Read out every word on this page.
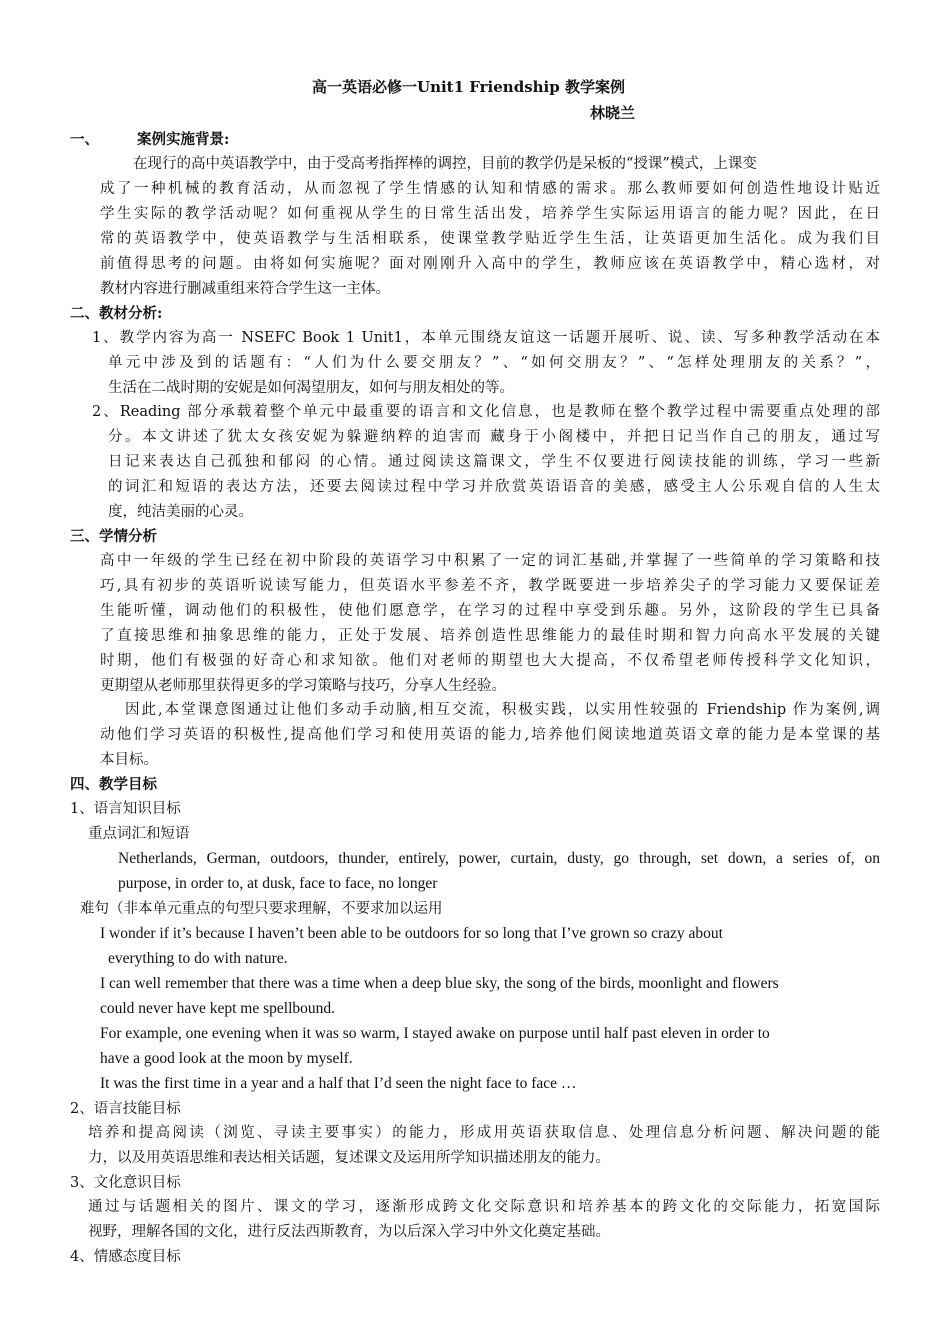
高一英语必修一Unit1 Friendship 教学案例
林晓兰
一、	案例实施背景:
在现行的高中英语教学中，由于受高考指挥棒的调控，目前的教学仍是呆板的“授课”模式，上课变
成了一种机械的教育活动，从而忽视了学生情感的认知和情感的需求。那么教师要如何创造性地设计贴近
学生实际的教学活动呢？如何重视从学生的日常生活出发，培养学生实际运用语言的能力呢？因此，在日
常的英语教学中，使英语教学与生活相联系，使课堂教学贴近学生生活，让英语更加生活化。成为我们目
前值得思考的问题。由将如何实施呢？面对刚刚升入高中的学生，教师应该在英语教学中，精心选材，对
教材内容进行删减重组来符合学生这一主体。
二、教材分析:
1、教学内容为高一 NSEFC Book 1 Unit1，本单元围绕友谊这一话题开展听、说、读、写多种教学活动在本
单元中涉及到的话题有：“人们为什么要交朋友？”、“如何交朋友？”、“怎样处理朋友的关系？”，
生活在二战时期的安妮是如何渴望朋友，如何与朋友相处的等。
2、Reading 部分承载着整个单元中最重要的语言和文化信息，也是教师在整个教学过程中需要重点处理的部
分。本文讲述了犹太女孩安妮为躲避纳粹的迫害而 藏身于小阁楼中，并把日记当作自己的朋友，通过写
日记来表达自己孤独和郁闷 的心情。通过阅读这篇课文，学生不仅要进行阅读技能的训练，学习一些新
的词汇和短语的表达方法，还要去阅读过程中学习并欣赏英语语音的美感，感受主人公乐观自信的人生太
度，纯洁美丽的心灵。
三、学情分析
高中一年级的学生已经在初中阶段的英语学习中积累了一定的词汇基础,并掌握了一些简单的学习策略和技
巧,具有初步的英语听说读写能力，但英语水平参差不齐，教学既要进一步培养尖子的学习能力又要保证差
生能听懂，调动他们的积极性，使他们愿意学，在学习的过程中享受到乐趣。另外，这阶段的学生已具备
了直接思维和抽象思维的能力，正处于发展、培养创造性思维能力的最佳时期和智力向高水平发展的关键
时期，他们有极强的好奇心和求知欲。他们对老师的期望也大大提高，不仅希望老师传授科学文化知识，
更期望从老师那里获得更多的学习策略与技巧，分享人生经验。
因此,本堂课意图通过让他们多动手动脑,相互交流，积极实践，以实用性较强的 Friendship 作为案例,调
动他们学习英语的积极性,提高他们学习和使用英语的能力,培养他们阅读地道英语文章的能力是本堂课的基
本目标。
四、教学目标
1、语言知识目标
重点词汇和短语
Netherlands, German, outdoors, thunder, entirely, power, curtain, dusty, go through, set down, a series of, on
purpose, in order to, at dusk, face to face, no longer
难句（非本单元重点的句型只要求理解，不要求加以运用
I wonder if it’s because I haven’t been able to be outdoors for so long that I’ve grown so crazy about
everything to do with nature.
I can well remember that there was a time when a deep blue sky, the song of the birds, moonlight and flowers
could never have kept me spellbound.
For example, one evening when it was so warm, I stayed awake on purpose until half past eleven in order to
have a good look at the moon by myself.
It was the first time in a year and a half that I’d seen the night face to face …
2、语言技能目标
培养和提高阅读（浏览、寻读主要事实）的能力，形成用英语获取信息、处理信息分析问题、解决问题的能
力，以及用英语思维和表达相关话题，复述课文及运用所学知识描述朋友的能力。
3、文化意识目标
通过与话题相关的图片、课文的学习，逐渐形成跨文化交际意识和培养基本的跨文化的交际能力，拓宽国际
视野，理解各国的文化，进行反法西斯教育，为以后深入学习中外文化奠定基础。
4、情感态度目标
